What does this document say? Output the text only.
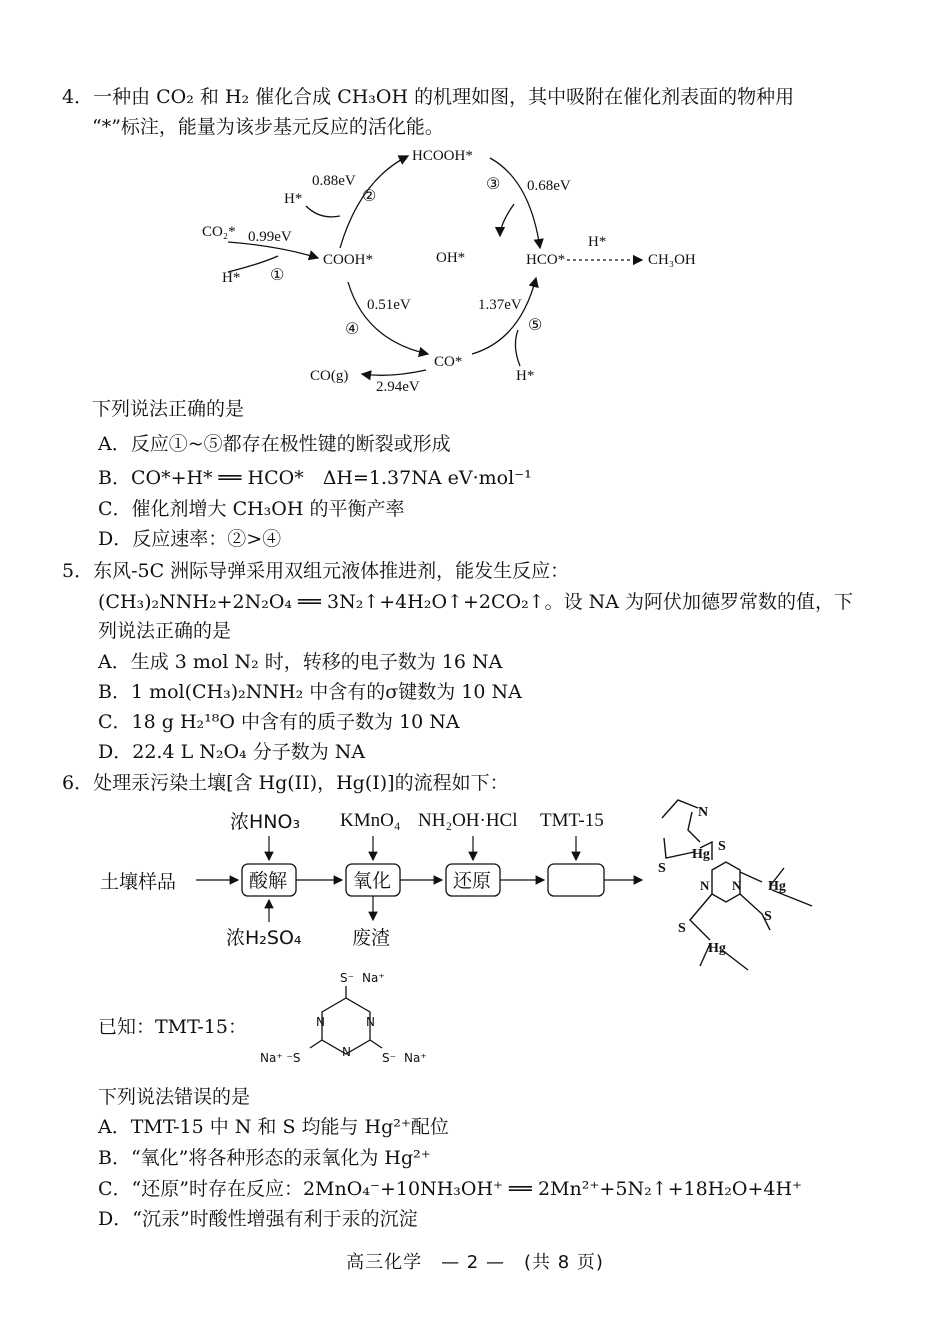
4．一种由 CO₂ 和 H₂ 催化合成 CH₃OH 的机理如图，其中吸附在催化剂表面的物种用
“*”标注，能量为该步基元反应的活化能。
HCOOH*
0.88eV
②
H*
③ 0.68eV
CO₂* 0.99eV
H* ①
COOH*	OH*	HCO*
H*
CH₃OH
0.51eV
④
1.37eV
⑤
CO*
H*
CO(g)
2.94eV
下列说法正确的是
A．反应①~⑤都存在极性键的断裂或形成
B．CO*+H* ══ HCO*　ΔH=1.37NA eV·mol⁻¹
C．催化剂增大 CH₃OH 的平衡产率
D．反应速率：②>④
5．东风-5C 洲际导弹采用双组元液体推进剂，能发生反应：
(CH₃)₂NNH₂+2N₂O₄ ══ 3N₂↑+4H₂O↑+2CO₂↑。设 NA 为阿伏加德罗常数的值，下
列说法正确的是
A．生成 3 mol N₂ 时，转移的电子数为 16 NA
B．1 mol(CH₃)₂NNH₂ 中含有的σ键数为 10 NA
C．18 g H₂¹⁸O 中含有的质子数为 10 NA
D．22.4 L N₂O₄ 分子数为 NA
6．处理汞污染土壤[含 Hg(II)，Hg(I)]的流程如下：
浓HNO₃ KMnO₄ NH₂OH·HCl TMT-15
土壤样品	酸解	氧化	还原
浓H₂SO₄	废渣
N
S
Hg
S
N N Hg
S
S
Hg
已知：TMT-15：
S⁻ Na⁺
N	N
N
Na⁺ ⁻S	S⁻ Na⁺
下列说法错误的是
A．TMT-15 中 N 和 S 均能与 Hg²⁺配位
B．“氧化”将各种形态的汞氧化为 Hg²⁺
C．“还原”时存在反应：2MnO₄⁻+10NH₃OH⁺ ══ 2Mn²⁺+5N₂↑+18H₂O+4H⁺
D．“沉汞”时酸性增强有利于汞的沉淀
高三化学　— 2 —　(共 8 页)
